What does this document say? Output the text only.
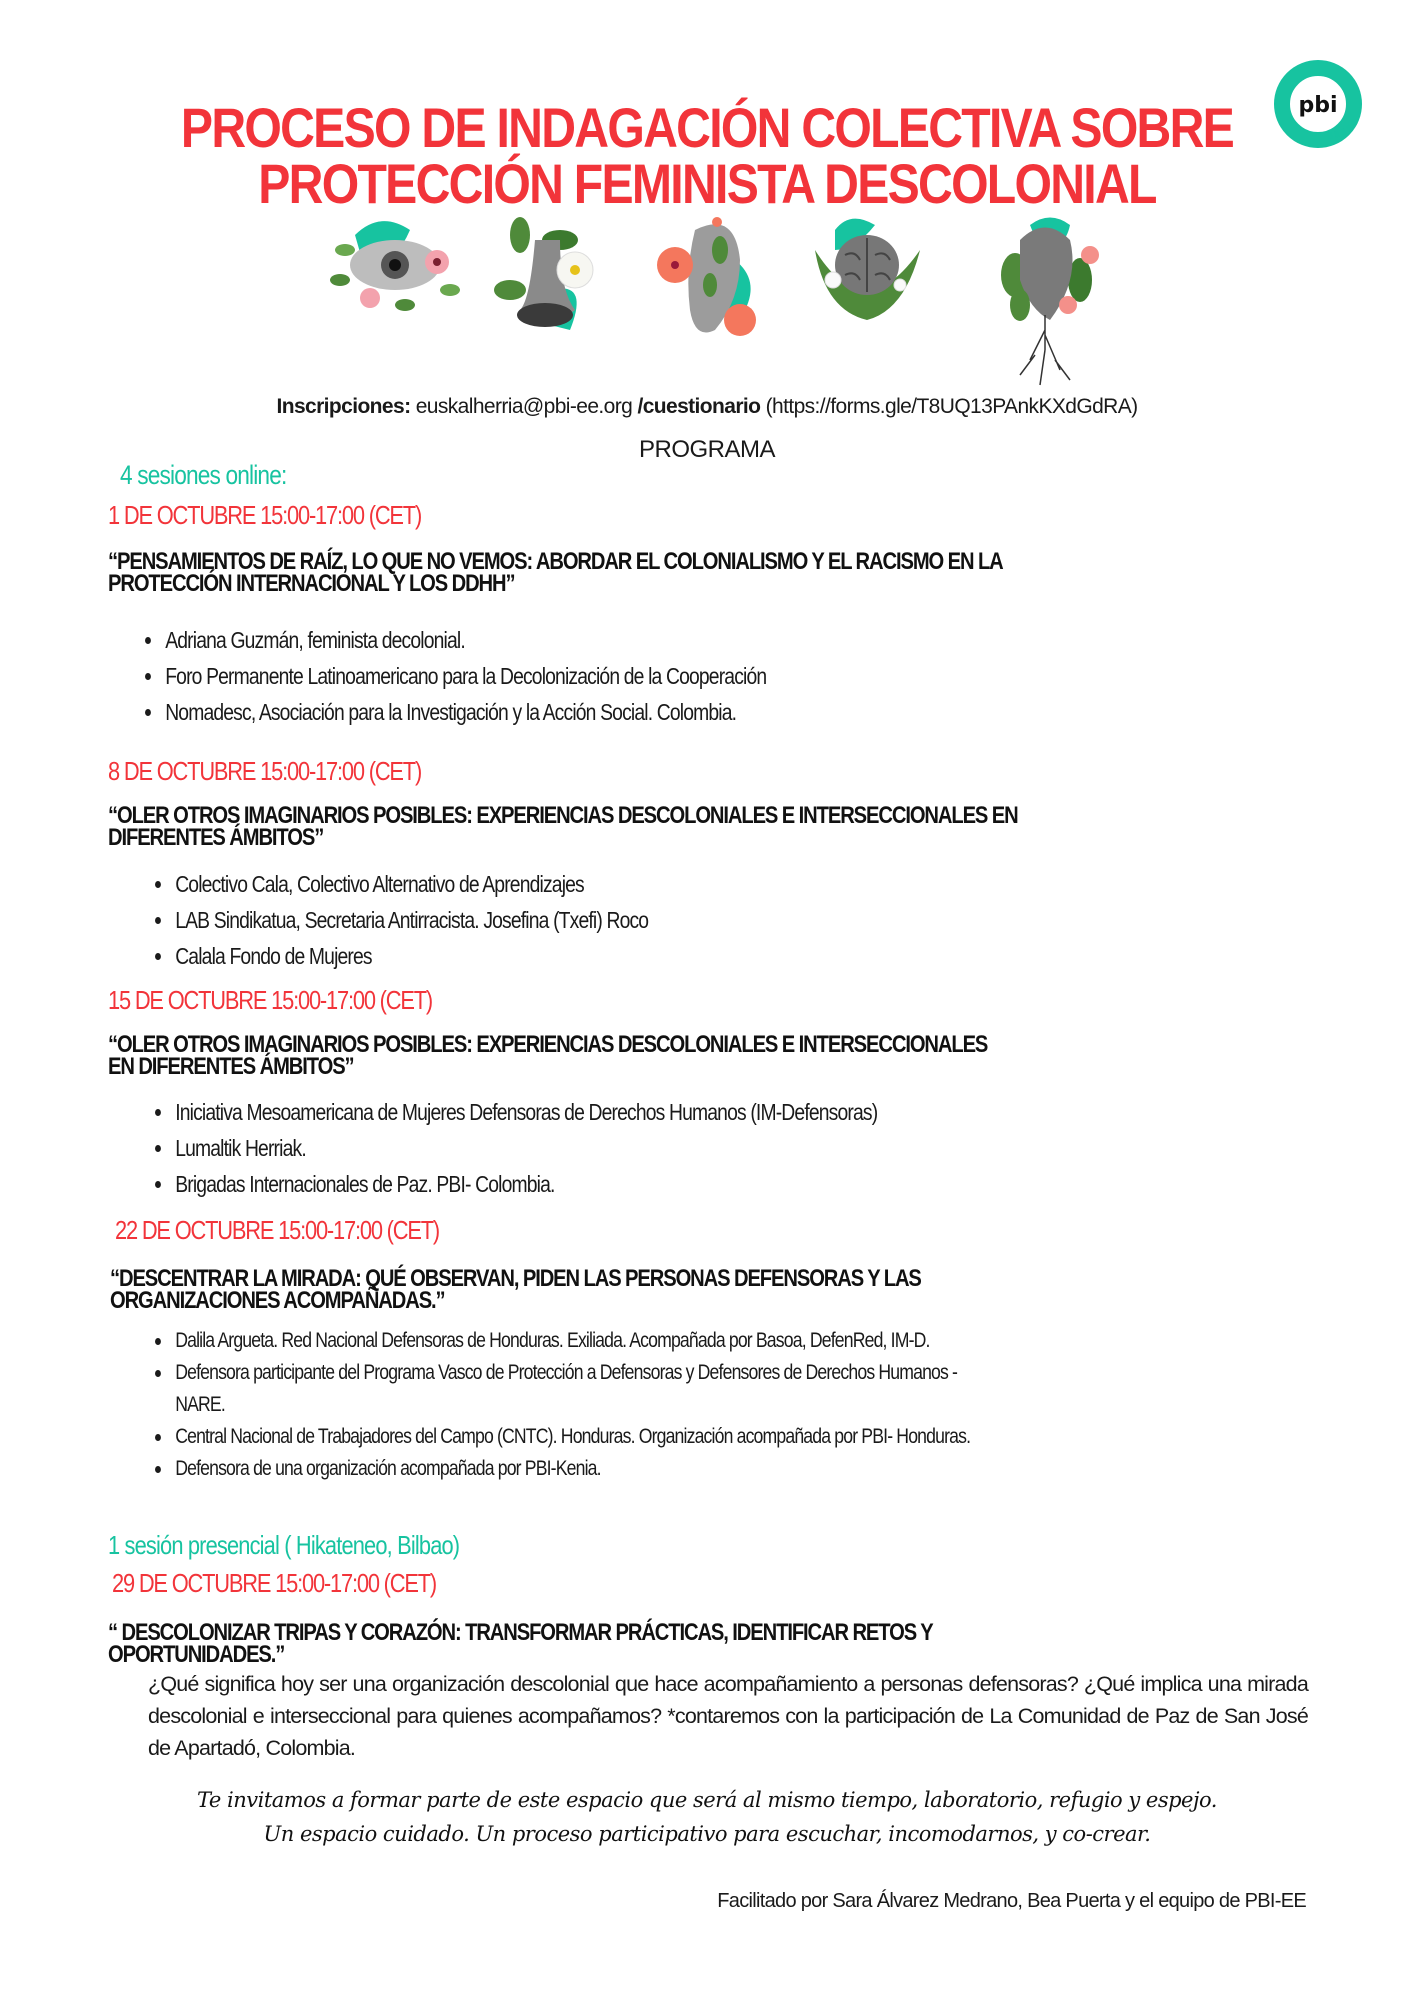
pbi
PROCESO DE INDAGACIÓN COLECTIVA SOBRE
PROTECCIÓN FEMINISTA DESCOLONIAL
Inscripciones: euskalherria@pbi-ee.org /cuestionario (https://forms.gle/T8UQ13PAnkKXdGdRA)
PROGRAMA
4 sesiones online:
1 DE OCTUBRE 15:00-17:00 (CET)
“PENSAMIENTOS DE RAÍZ, LO QUE NO VEMOS: ABORDAR EL COLONIALISMO Y EL RACISMO EN LA
PROTECCIÓN INTERNACIONAL Y LOS DDHH”
Adriana Guzmán, feminista decolonial.
Foro Permanente Latinoamericano para la Decolonización de la Cooperación
Nomadesc, Asociación para la Investigación y la Acción Social. Colombia.
8 DE OCTUBRE 15:00-17:00 (CET)
“OLER OTROS IMAGINARIOS POSIBLES: EXPERIENCIAS DESCOLONIALES E INTERSECCIONALES EN
DIFERENTES ÁMBITOS”
Colectivo Cala, Colectivo Alternativo de Aprendizajes
LAB Sindikatua, Secretaria Antirracista. Josefina (Txefi) Roco
Calala Fondo de Mujeres
15 DE OCTUBRE 15:00-17:00 (CET)
“OLER OTROS IMAGINARIOS POSIBLES: EXPERIENCIAS DESCOLONIALES E INTERSECCIONALES
EN DIFERENTES ÁMBITOS”
Iniciativa Mesoamericana de Mujeres Defensoras de Derechos Humanos (IM-Defensoras)
Lumaltik Herriak.
Brigadas Internacionales de Paz. PBI- Colombia.
22 DE OCTUBRE 15:00-17:00 (CET)
“DESCENTRAR LA MIRADA: QUÉ OBSERVAN, PIDEN LAS PERSONAS DEFENSORAS Y LAS
ORGANIZACIONES ACOMPAÑADAS.”
Dalila Argueta. Red Nacional Defensoras de Honduras. Exiliada. Acompañada por Basoa, DefenRed, IM-D.
Defensora participante del Programa Vasco de Protección a Defensoras y Defensores de Derechos Humanos -
NARE.
Central Nacional de Trabajadores del Campo (CNTC). Honduras. Organización acompañada por PBI- Honduras.
Defensora de una organización acompañada por PBI-Kenia.
1 sesión presencial ( Hikateneo, Bilbao)
29 DE OCTUBRE 15:00-17:00 (CET)
“ DESCOLONIZAR TRIPAS Y CORAZÓN: TRANSFORMAR PRÁCTICAS, IDENTIFICAR RETOS Y
OPORTUNIDADES.”

¿Qué significa hoy ser una organización descolonial que hace acompañamiento a personas defensoras? ¿Qué implica una mirada descolonial e interseccional para quienes acompañamos? *contaremos con la participación de La Comunidad de Paz de San José de Apartadó, Colombia.

Te invitamos a formar parte de este espacio que será al mismo tiempo, laboratorio, refugio y espejo.
Un espacio cuidado. Un proceso participativo para escuchar, incomodarnos, y co-crear.
Facilitado por Sara Álvarez Medrano, Bea Puerta y el equipo de PBI-EE
